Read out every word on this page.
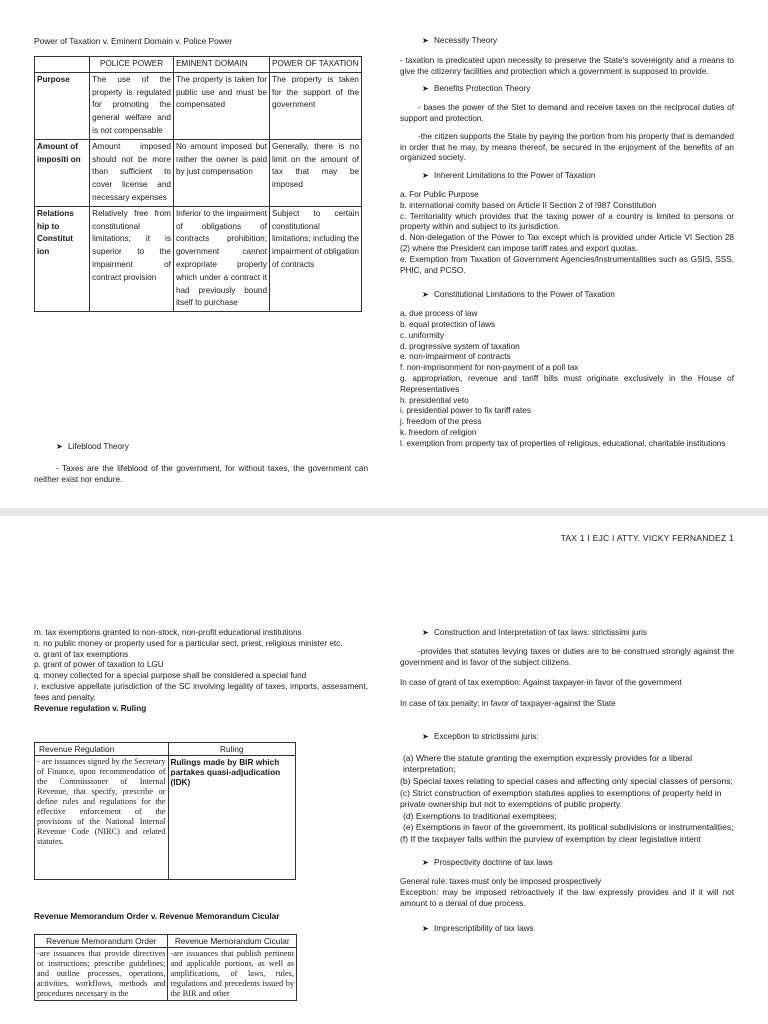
Power of Taxation v. Eminent Domain v. Police Power

	POLICE POWER	EMINENT DOMAIN	POWER OF TAXATION
Purpose	The use of the property is regulated for promoting the general welfare and is not compensable	The property is taken for public use and must be compensated	The property is taken for the support of the government
Amount of impositi on	Amount imposed should not be more than sufficient to cover license and necessary expenses	No amount imposed but rather the owner is paid by just compensation	Generally, there is no limit on the amount of tax that may be imposed
Relations hip to Constitut ion	Relatively free from constitutional limitations; it is superior to the impairment of contract provision	Inferior to the impairment of obligations of contracts prohibition; government cannot expropriate property which under a contract it had previously bound itself to purchase	Subject to certain constitutional limitations; including the impairment of obligation of contracts

➤ Lifeblood Theory

- Taxes are the lifeblood of the government, for without taxes, the government can neither exist nor endure.

➤ Necessity Theory

- taxation is predicated upon necessity to preserve the State's sovereignty and a means to give the citizenry facilities and protection which a government is supposed to provide.

➤ Benefits Protection Theory

- bases the power of the Stet to demand and receive taxes on the reciprocal duties of support and protection.

-the citizen supports the State by paying the portion from his property that is demanded in order that he may, by means thereof, be secured in the enjoyment of the benefits of an organized society.

➤ Inherent Limitations to the Power of Taxation

a. For Public Purpose

b. international comity based on Article II Section 2 of !987 Constitution

c. Territoriality which provides that the taxing power of a country is limited to persons or property within and subject to its jurisdiction.

d. Non-delegation of the Power to Tax except which is provided under Article VI Section 28 (2) where the President can impose tariff rates and export quotas.

e. Exemption from Taxation of Government Agencies/Instrumentalities such as GSIS, SSS, PHIC, and PCSO.

➤ Constitutional Limitations to the Power of Taxation

a. due process of law

b. equal protection of laws

c. uniformity

d. progressive system of taxation

e. non-impairment of contracts

f. non-imprisonment for non-payment of a poll tax

g. appropriation, revenue and tariff bills must originate exclusively in the House of Representatives

h. presidential veto

i. presidential power to fix tariff rates

j. freedom of the press

k. freedom of religion

l. exemption from property tax of properties of religious, educational, charitable institutions

TAX 1 I EJC I ATTY. VICKY FERNANDEZ 1

m. tax exemptions granted to non-stock, non-profit educational institutions

n. no public money or property used for a particular sect, priest, religious minister etc.

o. grant of tax exemptions

p. grant of power of taxation to LGU

q. money collected for a special purpose shall be considered a special fund

r. exclusive appellate jurisdiction of the SC involving legality of taxes, imports, assessment, fees and penalty.

Revenue regulation v. Ruling

Revenue Regulation	Ruling
- are issuances signed by the Secretary of Finance, upon recommendation of the Commissioner of Internal Revenue, that specify, prescribe or define rules and regulations for the effective enforcement of the provisions of the National Internal Revenue Code (NIRC) and related statutes.	Rulings made by BIR which partakes quasi-adjudication (IDK)

Revenue Memorandum Order v. Revenue Memorandum Cicular

Revenue Memorandum Order	Revenue Memorandum Cicular
-are issuances that provide directives or instructions; prescribe guidelines; and outline processes, operations, activities, workflows, methods and procedures necessary in the	-are issuances that publish pertinent and applicable portions, as well as amplifications, of laws, rules, regulations and precedents issued by the BIR and other

➤ Construction and Interpretation of tax laws: strictissimi juris

-provides that statutes levying taxes or duties are to be construed strongly against the government and in favor of the subject citizens.

In case of grant of tax exemption: Against taxpayer-in favor of the government

In case of tax penalty: in favor of taxpayer-against the State

➤ Exception to strictissimi juris:

(a) Where the statute granting the exemption expressly provides for a liberal interpretation;

(b) Special taxes relating to special cases and affecting only special classes of persons;

(c) Strict construction of exemption statutes applies to exemptions of property held in private ownership but not to exemptions of public property.

(d) Exemptions to traditional exemptees;

(e) Exemptions in favor of the government, its political subdivisions or instrumentalities;

(f) If the taxpayer falls within the purview of exemption by clear legislative intent

➤ Prospectivity doctrine of tax laws

General rule: taxes must only be imposed prospectively

Exception: may be imposed retroactively if the law expressly provides and if it will not amount to a denial of due process.

➤ Imprescriptibility of tax laws
